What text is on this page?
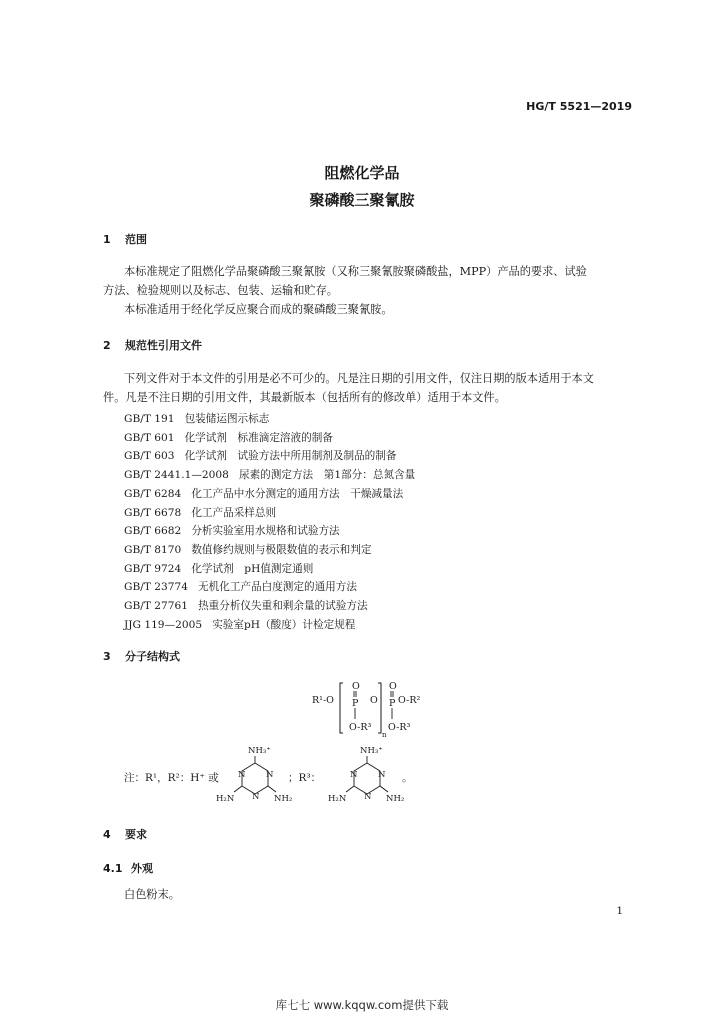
HG/T 5521—2019
阻燃化学品
聚磷酸三聚氰胺
1 范围
本标准规定了阻燃化学品聚磷酸三聚氰胺（又称三聚氰胺聚磷酸盐，MPP）产品的要求、试验
方法、检验规则以及标志、包装、运输和贮存。
本标准适用于经化学反应聚合而成的聚磷酸三聚氰胺。
2 规范性引用文件
下列文件对于本文件的引用是必不可少的。凡是注日期的引用文件，仅注日期的版本适用于本文
件。凡是不注日期的引用文件，其最新版本（包括所有的修改单）适用于本文件。
GB/T 191 包装储运图示标志
GB/T 601 化学试剂　标准滴定溶液的制备
GB/T 603 化学试剂　试验方法中所用制剂及制品的制备
GB/T 2441.1—2008 尿素的测定方法　第1部分：总氮含量
GB/T 6284 化工产品中水分测定的通用方法　干燥减量法
GB/T 6678 化工产品采样总则
GB/T 6682 分析实验室用水规格和试验方法
GB/T 8170 数值修约规则与极限数值的表示和判定
GB/T 9724 化学试剂　pH值测定通则
GB/T 23774 无机化工产品白度测定的通用方法
GB/T 27761 热重分析仪失重和剩余量的试验方法
JJG 119—2005 实验室pH（酸度）计检定规程
3 分子结构式
R¹-O
O
P
O-R³
O
O
P
n
O-R²
O-R³
NH₃⁺
N N
N
H₂N	NH₂
NH₃⁺
N N
N
H₂N	NH₂
注：R¹，R²：H⁺ 或	；R³：	。
4 要求
4.1 外观
白色粉末。
1
库七七 www.kqqw.com提供下载
